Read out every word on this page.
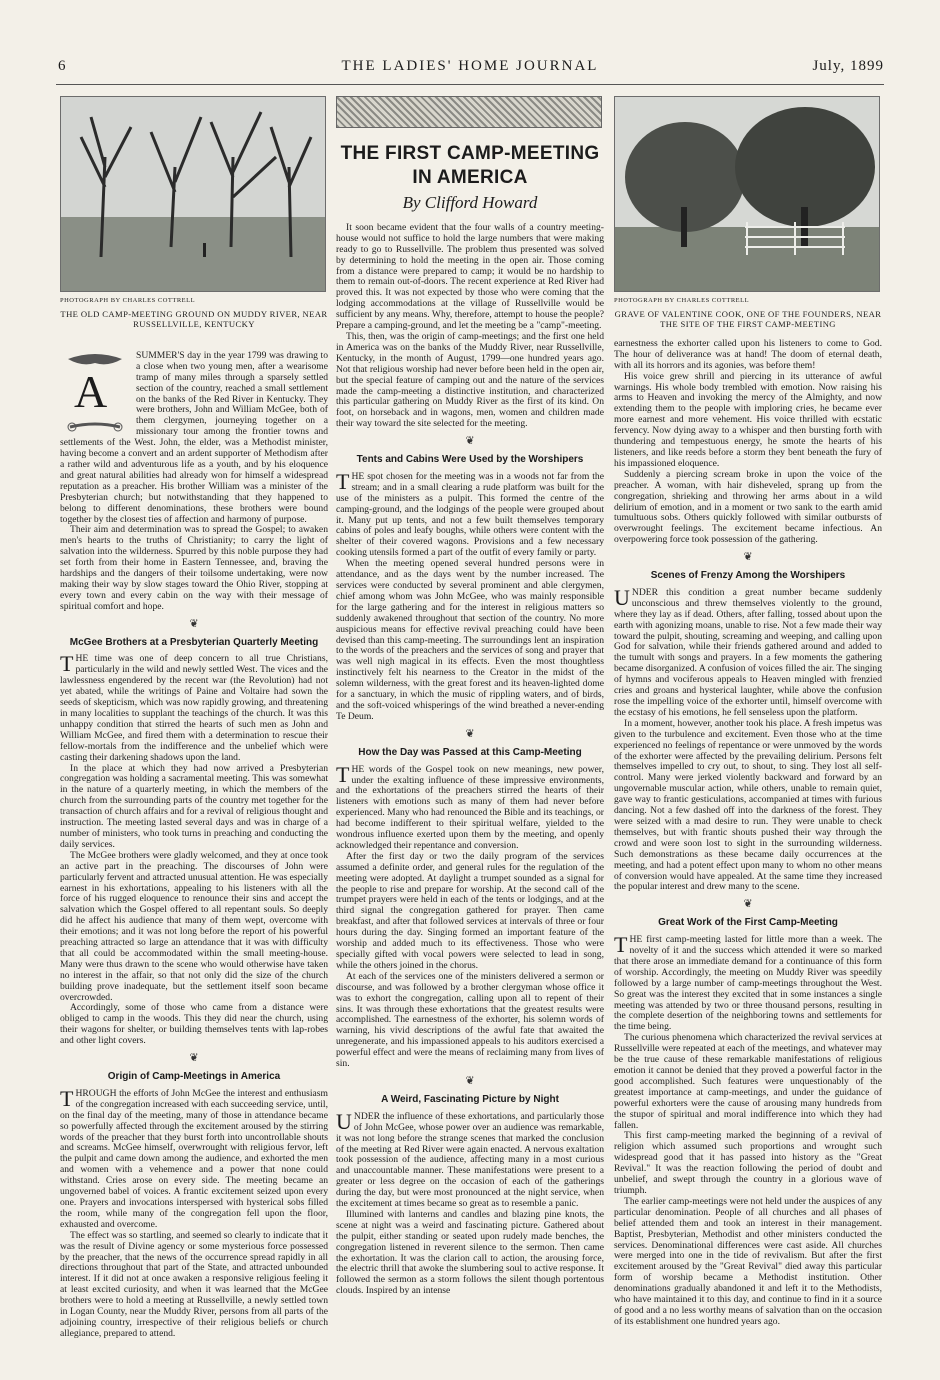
6	THE LADIES' HOME JOURNAL	July, 1899
PHOTOGRAPH BY CHARLES COTTRELL
THE OLD CAMP-MEETING GROUND ON MUDDY RIVER, NEAR RUSSELLVILLE, KENTUCKY
A

SUMMER'S day in the year 1799 was drawing to a close when two young men, after a wearisome tramp of many miles through a sparsely settled section of the country, reached a small settlement on the banks of the Red River in Kentucky. They were brothers, John and William McGee, both of them clergymen, journeying together on a missionary tour among the frontier towns and settlements of the West. John, the elder, was a Methodist minister, having become a convert and an ardent supporter of Methodism after a rather wild and adventurous life as a youth, and by his eloquence and great natural abilities had already won for himself a widespread reputation as a preacher. His brother William was a minister of the Presbyterian church; but notwithstanding that they happened to belong to different denominations, these brothers were bound together by the closest ties of affection and harmony of purpose.

Their aim and determination was to spread the Gospel; to awaken men's hearts to the truths of Christianity; to carry the light of salvation into the wilderness. Spurred by this noble purpose they had set forth from their home in Eastern Tennessee, and, braving the hardships and the dangers of their toilsome undertaking, were now making their way by slow stages toward the Ohio River, stopping at every town and every cabin on the way with their message of spiritual comfort and hope.

❦
McGee Brothers at a Presbyterian Quarterly Meeting

THE time was one of deep concern to all true Christians, particularly in the wild and newly settled West. The vices and the lawlessness engendered by the recent war (the Revolution) had not yet abated, while the writings of Paine and Voltaire had sown the seeds of skepticism, which was now rapidly growing, and threatening in many localities to supplant the teachings of the church. It was this unhappy condition that stirred the hearts of such men as John and William McGee, and fired them with a determination to rescue their fellow-mortals from the indifference and the unbelief which were casting their darkening shadows upon the land.

In the place at which they had now arrived a Presbyterian congregation was holding a sacramental meeting. This was somewhat in the nature of a quarterly meeting, in which the members of the church from the surrounding parts of the country met together for the transaction of church affairs and for a revival of religious thought and instruction. The meeting lasted several days and was in charge of a number of ministers, who took turns in preaching and conducting the daily services.

The McGee brothers were gladly welcomed, and they at once took an active part in the preaching. The discourses of John were particularly fervent and attracted unusual attention. He was especially earnest in his exhortations, appealing to his listeners with all the force of his rugged eloquence to renounce their sins and accept the salvation which the Gospel offered to all repentant souls. So deeply did he affect his audience that many of them wept, overcome with their emotions; and it was not long before the report of his powerful preaching attracted so large an attendance that it was with difficulty that all could be accommodated within the small meeting-house. Many were thus drawn to the scene who would otherwise have taken no interest in the affair, so that not only did the size of the church building prove inadequate, but the settlement itself soon became overcrowded.

Accordingly, some of those who came from a distance were obliged to camp in the woods. This they did near the church, using their wagons for shelter, or building themselves tents with lap-robes and other light covers.

❦
Origin of Camp-Meetings in America

THROUGH the efforts of John McGee the interest and enthusiasm of the congregation increased with each succeeding service, until, on the final day of the meeting, many of those in attendance became so powerfully affected through the excitement aroused by the stirring words of the preacher that they burst forth into uncontrollable shouts and screams. McGee himself, overwrought with religious fervor, left the pulpit and came down among the audience, and exhorted the men and women with a vehemence and a power that none could withstand. Cries arose on every side. The meeting became an ungoverned babel of voices. A frantic excitement seized upon every one. Prayers and invocations interspersed with hysterical sobs filled the room, while many of the congregation fell upon the floor, exhausted and overcome.

The effect was so startling, and seemed so clearly to indicate that it was the result of Divine agency or some mysterious force possessed by the preacher, that the news of the occurrence spread rapidly in all directions throughout that part of the State, and attracted unbounded interest. If it did not at once awaken a responsive religious feeling it at least excited curiosity, and when it was learned that the McGee brothers were to hold a meeting at Russellville, a newly settled town in Logan County, near the Muddy River, persons from all parts of the adjoining country, irrespective of their religious beliefs or church allegiance, prepared to attend.

THE FIRST CAMP-MEETING
IN AMERICA
By Clifford Howard

It soon became evident that the four walls of a country meeting-house would not suffice to hold the large numbers that were making ready to go to Russellville. The problem thus presented was solved by determining to hold the meeting in the open air. Those coming from a distance were prepared to camp; it would be no hardship to them to remain out-of-doors. The recent experience at Red River had proved this. It was not expected by those who were coming that the lodging accommodations at the village of Russellville would be sufficient by any means. Why, therefore, attempt to house the people? Prepare a camping-ground, and let the meeting be a "camp"-meeting.

This, then, was the origin of camp-meetings; and the first one held in America was on the banks of the Muddy River, near Russellville, Kentucky, in the month of August, 1799—one hundred years ago. Not that religious worship had never before been held in the open air, but the special feature of camping out and the nature of the services made the camp-meeting a distinctive institution, and characterized this particular gathering on Muddy River as the first of its kind. On foot, on horseback and in wagons, men, women and children made their way toward the site selected for the meeting.

❦
Tents and Cabins Were Used by the Worshipers

THE spot chosen for the meeting was in a woods not far from the stream; and in a small clearing a rude platform was built for the use of the ministers as a pulpit. This formed the centre of the camping-ground, and the lodgings of the people were grouped about it. Many put up tents, and not a few built themselves temporary cabins of poles and leafy boughs, while others were content with the shelter of their covered wagons. Provisions and a few necessary cooking utensils formed a part of the outfit of every family or party.

When the meeting opened several hundred persons were in attendance, and as the days went by the number increased. The services were conducted by several prominent and able clergymen, chief among whom was John McGee, who was mainly responsible for the large gathering and for the interest in religious matters so suddenly awakened throughout that section of the country. No more auspicious means for effective revival preaching could have been devised than this camp-meeting. The surroundings lent an inspiration to the words of the preachers and the services of song and prayer that was well nigh magical in its effects. Even the most thoughtless instinctively felt his nearness to the Creator in the midst of the solemn wilderness, with the great forest and its heaven-lighted dome for a sanctuary, in which the music of rippling waters, and of birds, and the soft-voiced whisperings of the wind breathed a never-ending Te Deum.

❦
How the Day was Passed at this Camp-Meeting

THE words of the Gospel took on new meanings, new power, under the exalting influence of these impressive environments, and the exhortations of the preachers stirred the hearts of their listeners with emotions such as many of them had never before experienced. Many who had renounced the Bible and its teachings, or had become indifferent to their spiritual welfare, yielded to the wondrous influence exerted upon them by the meeting, and openly acknowledged their repentance and conversion.

After the first day or two the daily program of the services assumed a definite order, and general rules for the regulation of the meeting were adopted. At daylight a trumpet sounded as a signal for the people to rise and prepare for worship. At the second call of the trumpet prayers were held in each of the tents or lodgings, and at the third signal the congregation gathered for prayer. Then came breakfast, and after that followed services at intervals of three or four hours during the day. Singing formed an important feature of the worship and added much to its effectiveness. Those who were specially gifted with vocal powers were selected to lead in song, while the others joined in the chorus.

At each of the services one of the ministers delivered a sermon or discourse, and was followed by a brother clergyman whose office it was to exhort the congregation, calling upon all to repent of their sins. It was through these exhortations that the greatest results were accomplished. The earnestness of the exhorter, his solemn words of warning, his vivid descriptions of the awful fate that awaited the unregenerate, and his impassioned appeals to his auditors exercised a powerful effect and were the means of reclaiming many from lives of sin.

❦
A Weird, Fascinating Picture by Night

UNDER the influence of these exhortations, and particularly those of John McGee, whose power over an audience was remarkable, it was not long before the strange scenes that marked the conclusion of the meeting at Red River were again enacted. A nervous exaltation took possession of the audience, affecting many in a most curious and unaccountable manner. These manifestations were present to a greater or less degree on the occasion of each of the gatherings during the day, but were most pronounced at the night service, when the excitement at times became so great as to resemble a panic.

Illumined with lanterns and candles and blazing pine knots, the scene at night was a weird and fascinating picture. Gathered about the pulpit, either standing or seated upon rudely made benches, the congregation listened in reverent silence to the sermon. Then came the exhortation. It was the clarion call to action, the arousing force, the electric thrill that awoke the slumbering soul to active response. It followed the sermon as a storm follows the silent though portentous clouds. Inspired by an intense

PHOTOGRAPH BY CHARLES COTTRELL
GRAVE OF VALENTINE COOK, ONE OF THE FOUNDERS, NEAR THE SITE OF THE FIRST CAMP-MEETING

earnestness the exhorter called upon his listeners to come to God. The hour of deliverance was at hand! The doom of eternal death, with all its horrors and its agonies, was before them!

His voice grew shrill and piercing in its utterance of awful warnings. His whole body trembled with emotion. Now raising his arms to Heaven and invoking the mercy of the Almighty, and now extending them to the people with imploring cries, he became ever more earnest and more vehement. His voice thrilled with ecstatic fervency. Now dying away to a whisper and then bursting forth with thundering and tempestuous energy, he smote the hearts of his listeners, and like reeds before a storm they bent beneath the fury of his impassioned eloquence.

Suddenly a piercing scream broke in upon the voice of the preacher. A woman, with hair disheveled, sprang up from the congregation, shrieking and throwing her arms about in a wild delirium of emotion, and in a moment or two sank to the earth amid tumultuous sobs. Others quickly followed with similar outbursts of overwrought feelings. The excitement became infectious. An overpowering force took possession of the gathering.

❦
Scenes of Frenzy Among the Worshipers

UNDER this condition a great number became suddenly unconscious and threw themselves violently to the ground, where they lay as if dead. Others, after falling, tossed about upon the earth with agonizing moans, unable to rise. Not a few made their way toward the pulpit, shouting, screaming and weeping, and calling upon God for salvation, while their friends gathered around and added to the tumult with songs and prayers. In a few moments the gathering became disorganized. A confusion of voices filled the air. The singing of hymns and vociferous appeals to Heaven mingled with frenzied cries and groans and hysterical laughter, while above the confusion rose the impelling voice of the exhorter until, himself overcome with the ecstasy of his emotions, he fell senseless upon the platform.

In a moment, however, another took his place. A fresh impetus was given to the turbulence and excitement. Even those who at the time experienced no feelings of repentance or were unmoved by the words of the exhorter were affected by the prevailing delirium. Persons felt themselves impelled to cry out, to shout, to sing. They lost all self-control. Many were jerked violently backward and forward by an ungovernable muscular action, while others, unable to remain quiet, gave way to frantic gesticulations, accompanied at times with furious dancing. Not a few dashed off into the darkness of the forest. They were seized with a mad desire to run. They were unable to check themselves, but with frantic shouts pushed their way through the crowd and were soon lost to sight in the surrounding wilderness. Such demonstrations as these became daily occurrences at the meeting, and had a potent effect upon many to whom no other means of conversion would have appealed. At the same time they increased the popular interest and drew many to the scene.

❦
Great Work of the First Camp-Meeting

THE first camp-meeting lasted for little more than a week. The novelty of it and the success which attended it were so marked that there arose an immediate demand for a continuance of this form of worship. Accordingly, the meeting on Muddy River was speedily followed by a large number of camp-meetings throughout the West. So great was the interest they excited that in some instances a single meeting was attended by two or three thousand persons, resulting in the complete desertion of the neighboring towns and settlements for the time being.

The curious phenomena which characterized the revival services at Russellville were repeated at each of the meetings, and whatever may be the true cause of these remarkable manifestations of religious emotion it cannot be denied that they proved a powerful factor in the good accomplished. Such features were unquestionably of the greatest importance at camp-meetings, and under the guidance of powerful exhorters were the cause of arousing many hundreds from the stupor of spiritual and moral indifference into which they had fallen.

This first camp-meeting marked the beginning of a revival of religion which assumed such proportions and wrought such widespread good that it has passed into history as the "Great Revival." It was the reaction following the period of doubt and unbelief, and swept through the country in a glorious wave of triumph.

The earlier camp-meetings were not held under the auspices of any particular denomination. People of all churches and all phases of belief attended them and took an interest in their management. Baptist, Presbyterian, Methodist and other ministers conducted the services. Denominational differences were cast aside. All churches were merged into one in the tide of revivalism. But after the first excitement aroused by the "Great Revival" died away this particular form of worship became a Methodist institution. Other denominations gradually abandoned it and left it to the Methodists, who have maintained it to this day, and continue to find in it a source of good and a no less worthy means of salvation than on the occasion of its establishment one hundred years ago.
